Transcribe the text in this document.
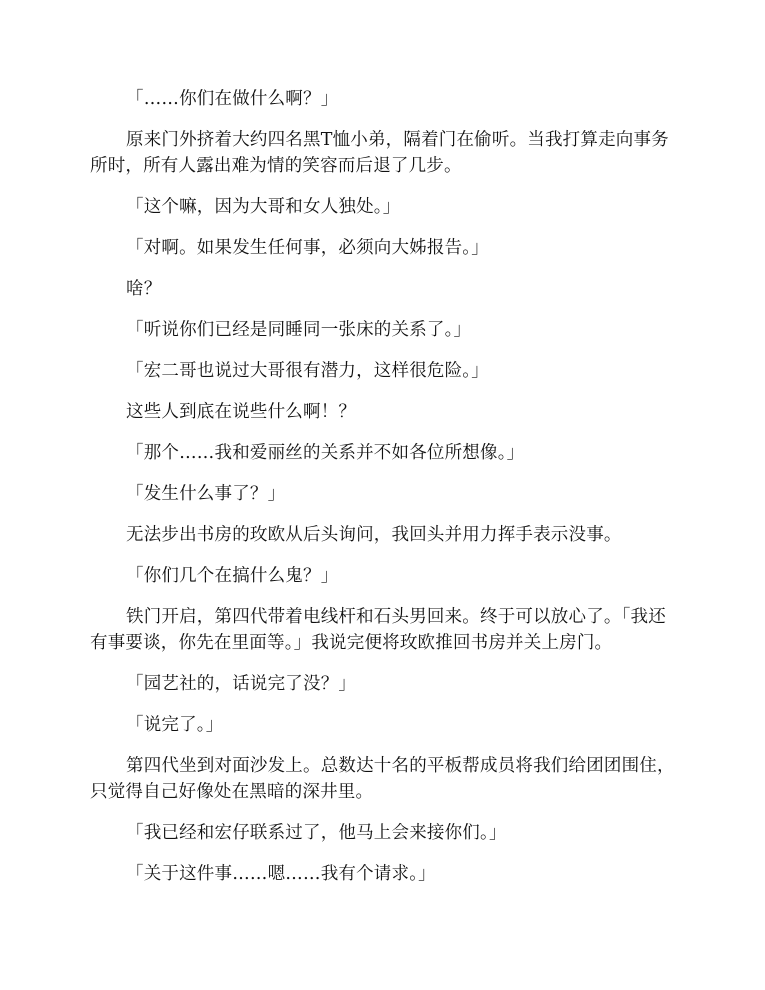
「……你们在做什么啊？」

原来门外挤着大约四名黑T恤小弟，隔着门在偷听。当我打算走向事务所时，所有人露出难为情的笑容而后退了几步。

「这个嘛，因为大哥和女人独处。」

「对啊。如果发生任何事，必须向大姊报告。」

啥？

「听说你们已经是同睡同一张床的关系了。」

「宏二哥也说过大哥很有潜力，这样很危险。」

这些人到底在说些什么啊！？

「那个……我和爱丽丝的关系并不如各位所想像。」

「发生什么事了？」

无法步出书房的玫欧从后头询问，我回头并用力挥手表示没事。

「你们几个在搞什么鬼？」

铁门开启，第四代带着电线杆和石头男回来。终于可以放心了。「我还有事要谈，你先在里面等。」我说完便将玫欧推回书房并关上房门。

「园艺社的，话说完了没？」

「说完了。」

第四代坐到对面沙发上。总数达十名的平板帮成员将我们给团团围住，只觉得自己好像处在黑暗的深井里。

「我已经和宏仔联系过了，他马上会来接你们。」

「关于这件事……嗯……我有个请求。」
